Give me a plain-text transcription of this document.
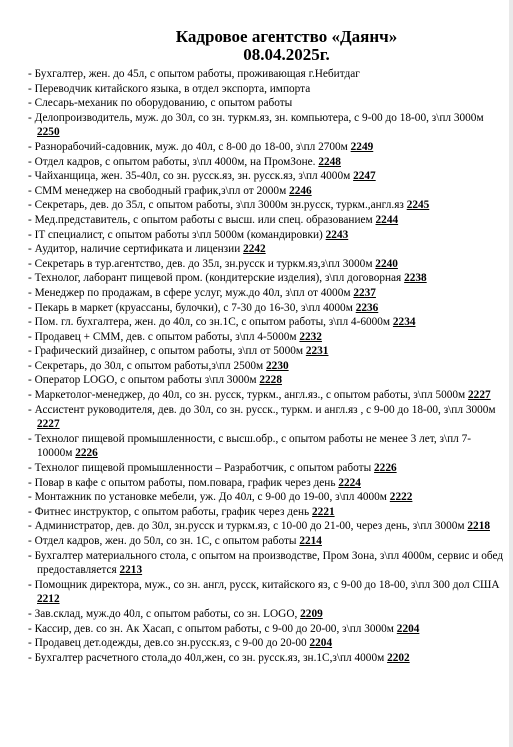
Кадровое агентство «Даянч»
08.04.2025г.
- Бухгалтер, жен. до 45л, с опытом работы, проживающая г.Небитдаг
- Переводчик китайского языка, в отдел экспорта, импорта
- Слесарь-механик по оборудованию, с опытом работы
- Делопроизводитель, муж. до 30л, со зн. туркм.яз, зн. компьютера, с 9-00 до 18-00, з\пл 3000м 2250
- Разнорабочий-садовник, муж. до 40л, с 8-00 до 18-00, з\пл 2700м 2249
- Отдел кадров, с опытом работы, з\пл 4000м, на ПромЗоне. 2248
- Чайханщица, жен. 35-40л, со зн. русск.яз, зн. русск.яз, з\пл 4000м 2247
- СММ менеджер на свободный график,з\пл от 2000м 2246
- Секретарь, дев. до 35л, с опытом работы, з\пл 3000м зн.русск, туркм.,англ.яз 2245
- Мед.представитель, с опытом работы с высш. или спец. образованием 2244
- IT специалист, с опытом работы з\пл 5000м (командировки) 2243
- Аудитор, наличие сертификата и лицензии 2242
- Секретарь в тур.агентство, дев. до 35л, зн.русск и туркм.яз,з\пл 3000м 2240
- Технолог, лаборант пищевой пром. (кондитерские изделия), з\пл договорная 2238
- Менеджер по продажам, в сфере услуг, муж.до 40л, з\пл от 4000м 2237
- Пекарь в маркет (круассаны, булочки), с 7-30 до 16-30, з\пл 4000м 2236
- Пом. гл. бухгалтера, жен. до 40л, со зн.1С, с опытом работы, з\пл 4-6000м 2234
- Продавец + СММ, дев. с опытом работы, з\пл 4-5000м 2232
- Графический дизайнер, с опытом работы, з\пл от 5000м 2231
- Секретарь, до 30л, с опытом работы,з\пл 2500м 2230
- Оператор LOGO, с опытом работы з\пл 3000м 2228
- Маркетолог-менеджер, до 40л, со зн. русск, туркм., англ.яз., с опытом работы, з\пл 5000м 2227
- Ассистент руководителя, дев. до 30л, со зн. русск., туркм. и англ.яз , с 9-00 до 18-00, з\пл 3000м 2227
- Технолог пищевой промышленности, с высш.обр., с опытом работы не менее 3 лет, з\пл 7-10000м 2226
- Технолог пищевой промышленности – Разработчик, с опытом работы 2226
- Повар в кафе с опытом работы, пом.повара, график через день 2224
- Монтажник по установке мебели, уж. До 40л, с 9-00 до 19-00, з\пл 4000м 2222
- Фитнес инструктор, с опытом работы, график через день 2221
- Администратор, дев. до 30л, зн.русск и туркм.яз, с 10-00 до 21-00, через день, з\пл 3000м 2218
- Отдел кадров, жен. до 50л, со зн. 1С, с опытом работы 2214
- Бухгалтер материального стола, с опытом на производстве, Пром Зона, з\пл 4000м, сервис и обед предоставляется 2213
- Помощник директора, муж., со зн. англ, русск, китайского яз, с 9-00 до 18-00, з\пл 300 дол США 2212
- Зав.склад, муж.до 40л, с опытом работы, со зн. LOGO, 2209
- Кассир, дев. со зн. Ак Хасап, с опытом работы, с 9-00 до 20-00, з\пл 3000м 2204
- Продавец дет.одежды, дев.со зн.русск.яз, с 9-00 до 20-00 2204
- Бухгалтер расчетного стола,до 40л,жен, со зн. русск.яз, зн.1С,з\пл 4000м 2202
